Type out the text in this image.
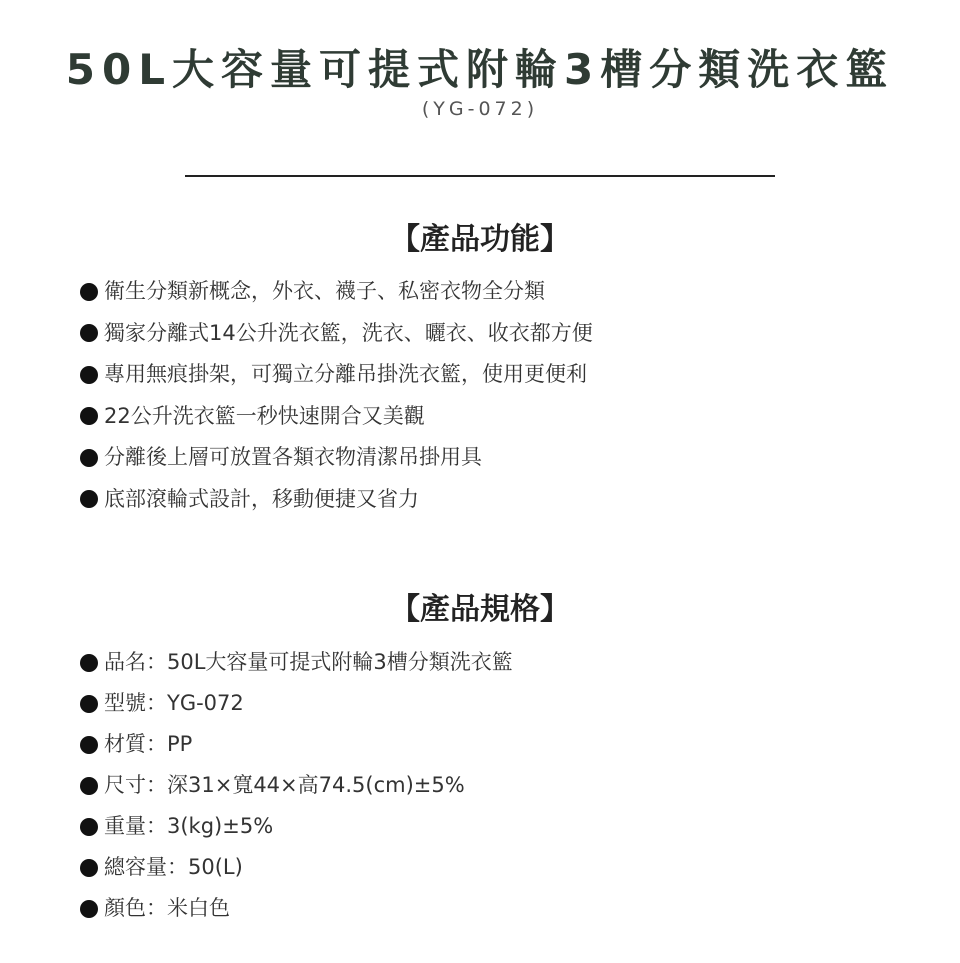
50L大容量可提式附輪3槽分類洗衣籃
(YG-072)
【產品功能】
衛生分類新概念，外衣、襪子、私密衣物全分類
獨家分離式14公升洗衣籃，洗衣、曬衣、收衣都方便
專用無痕掛架，可獨立分離吊掛洗衣籃，使用更便利
22公升洗衣籃一秒快速開合又美觀
分離後上層可放置各類衣物清潔吊掛用具
底部滾輪式設計，移動便捷又省力
【產品規格】
品名：50L大容量可提式附輪3槽分類洗衣籃
型號：YG-072
材質：PP
尺寸：深31×寬44×高74.5(cm)±5%
重量：3(kg)±5%
總容量：50(L)
顏色：米白色
